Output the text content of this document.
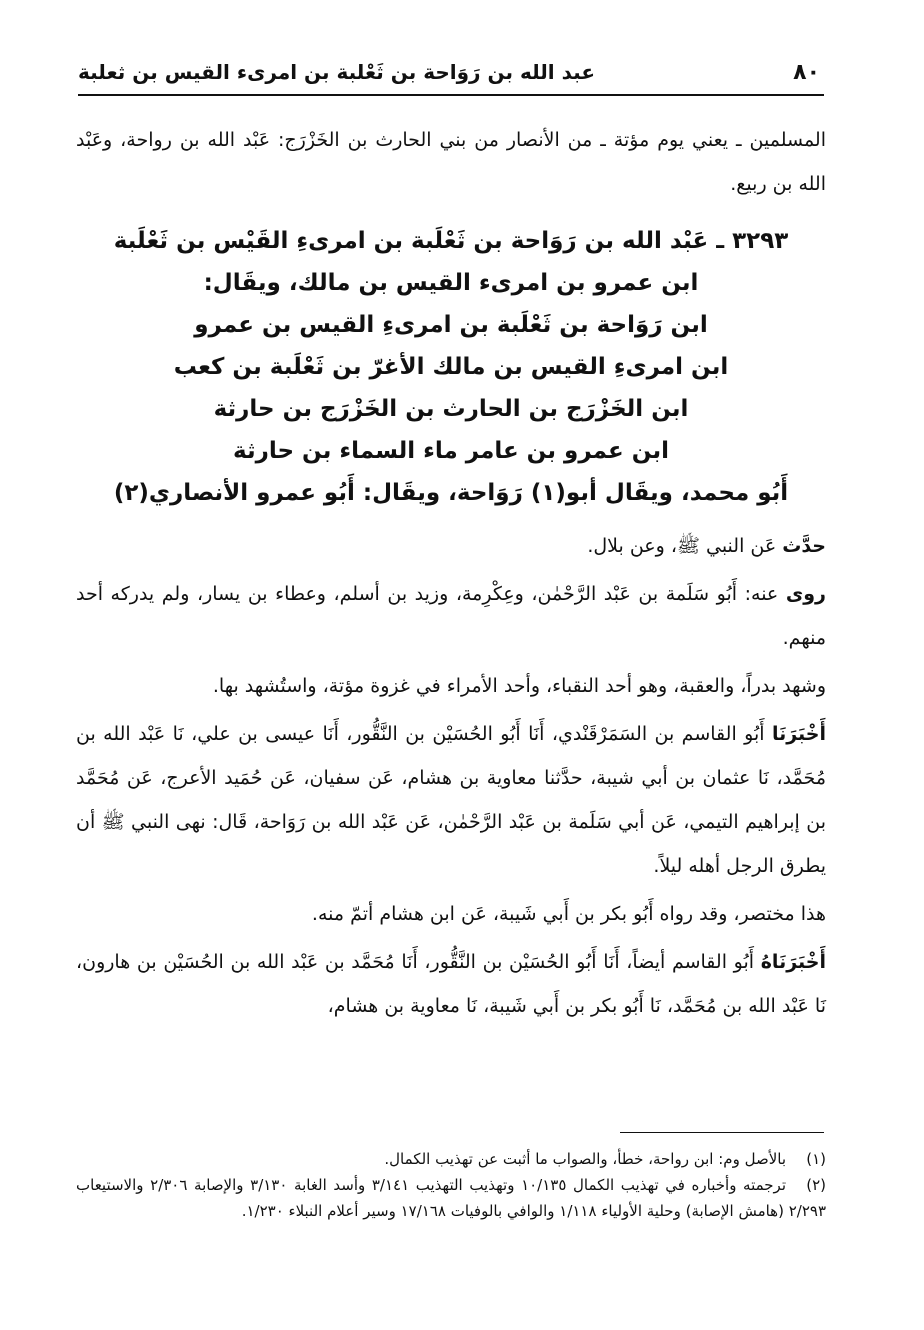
٨٠
عبد الله بن رَوَاحة بن ثَعْلبة بن امرىء القيس بن ثعلبة

المسلمين ـ يعني يوم مؤتة ـ من الأنصار من بني الحارث بن الخَزْرَج: عَبْد الله بن رواحة، وعَبْد الله بن ربيع.

٣٢٩٣ ـ عَبْد الله بن رَوَاحة بن ثَعْلَبة بن امرىءِ القَيْس بن ثَعْلَبة
ابن عمرو بن امرىء القيس بن مالك، ويقَال:
ابن رَوَاحة بن ثَعْلَبة بن امرىءِ القيس بن عمرو
ابن امرىءِ القيس بن مالك الأغرّ بن ثَعْلَبة بن كعب
ابن الخَزْرَج بن الحارث بن الخَزْرَج بن حارثة
ابن عمرو بن عامر ماء السماء بن حارثة
أَبُو محمد، ويقَال أبو(١) رَوَاحة، ويقَال: أَبُو عمرو الأنصاري(٢)

حدَّث عَن النبي ﷺ، وعن بلال.

روى عنه: أَبُو سَلَمة بن عَبْد الرَّحْمٰن، وعِكْرِمة، وزيد بن أسلم، وعطاء بن يسار، ولم يدركه أحد منهم.

وشهد بدراً، والعقبة، وهو أحد النقباء، وأحد الأمراء في غزوة مؤتة، واستُشهد بها.

أَخْبَرَنَا أَبُو القاسم بن السَمَرْقَنْدي، أَنَا أَبُو الحُسَيْن بن النَّقُّور، أَنَا عيسى بن علي، نَا عَبْد الله بن مُحَمَّد، نَا عثمان بن أبي شيبة، حدَّثنا معاوية بن هشام، عَن سفيان، عَن حُمَيد الأعرج، عَن مُحَمَّد بن إبراهيم التيمي، عَن أبي سَلَمة بن عَبْد الرَّحْمٰن، عَن عَبْد الله بن رَوَاحة، قَال: نهى النبي ﷺ أن يطرق الرجل أهله ليلاً.

هذا مختصر، وقد رواه أَبُو بكر بن أَبي شَيبة، عَن ابن هشام أتمّ منه.

أَخْبَرَنَاهُ أَبُو القاسم أيضاً، أَنَا أَبُو الحُسَيْن بن النَّقُّور، أَنَا مُحَمَّد بن عَبْد الله بن الحُسَيْن بن هارون، نَا عَبْد الله بن مُحَمَّد، نَا أَبُو بكر بن أَبي شَيبة، نَا معاوية بن هشام،

(١)بالأصل وم: ابن رواحة، خطأ، والصواب ما أثبت عن تهذيب الكمال.

(٢)ترجمته وأخباره في تهذيب الكمال ١٠/١٣٥ وتهذيب التهذيب ٣/١٤١ وأسد الغابة ٣/١٣٠ والإصابة ٢/٣٠٦ والاستيعاب ٢/٢٩٣ (هامش الإصابة) وحلية الأولياء ١/١١٨ والوافي بالوفيات ١٧/١٦٨ وسير أعلام النبلاء ١/٢٣٠.
